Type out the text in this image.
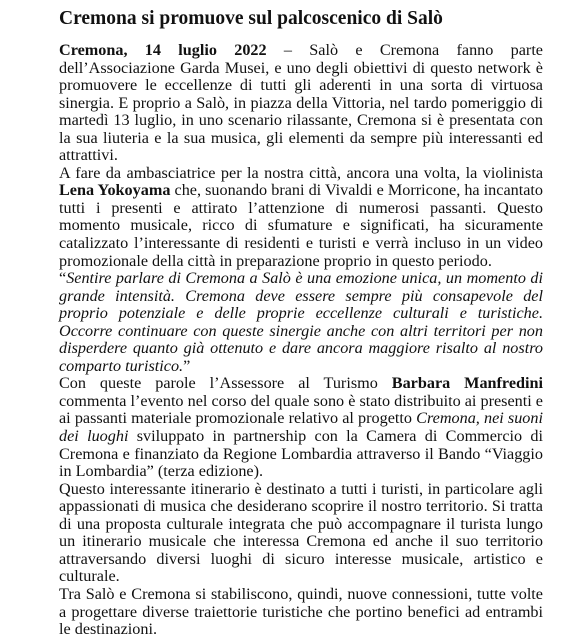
Cremona si promuove sul palcoscenico di Salò

Cremona, 14 luglio 2022 – Salò e Cremona fanno parte dell’Associazione Garda Musei, e uno degli obiettivi di questo network è promuovere le eccellenze di tutti gli aderenti in una sorta di virtuosa sinergia. E proprio a Salò, in piazza della Vittoria, nel tardo pomeriggio di martedì 13 luglio, in uno scenario rilassante, Cremona si è presentata con la sua liuteria e la sua musica, gli elementi da sempre più interessanti ed attrattivi.

A fare da ambasciatrice per la nostra città, ancora una volta, la violinista Lena Yokoyama che, suonando brani di Vivaldi e Morricone, ha incantato tutti i presenti e attirato l’attenzione di numerosi passanti. Questo momento musicale, ricco di sfumature e significati, ha sicuramente catalizzato l’interessante di residenti e turisti e verrà incluso in un video promozionale della città in preparazione proprio in questo periodo.

“Sentire parlare di Cremona a Salò è una emozione unica, un momento di grande intensità. Cremona deve essere sempre più consapevole del proprio potenziale e delle proprie eccellenze culturali e turistiche. Occorre continuare con queste sinergie anche con altri territori per non disperdere quanto già ottenuto e dare ancora maggiore risalto al nostro comparto turistico.”

Con queste parole l’Assessore al Turismo Barbara Manfredini commenta l’evento nel corso del quale sono è stato distribuito ai presenti e ai passanti materiale promozionale relativo al progetto Cremona, nei suoni dei luoghi sviluppato in partnership con la Camera di Commercio di Cremona e finanziato da Regione Lombardia attraverso il Bando “Viaggio in Lombardia” (terza edizione).

Questo interessante itinerario è destinato a tutti i turisti, in particolare agli appassionati di musica che desiderano scoprire il nostro territorio. Si tratta di una proposta culturale integrata che può accompagnare il turista lungo un itinerario musicale che interessa Cremona ed anche il suo territorio attraversando diversi luoghi di sicuro interesse musicale, artistico e culturale.

Tra Salò e Cremona si stabiliscono, quindi, nuove connessioni, tutte volte a progettare diverse traiettorie turistiche che portino benefici ad entrambi le destinazioni.
